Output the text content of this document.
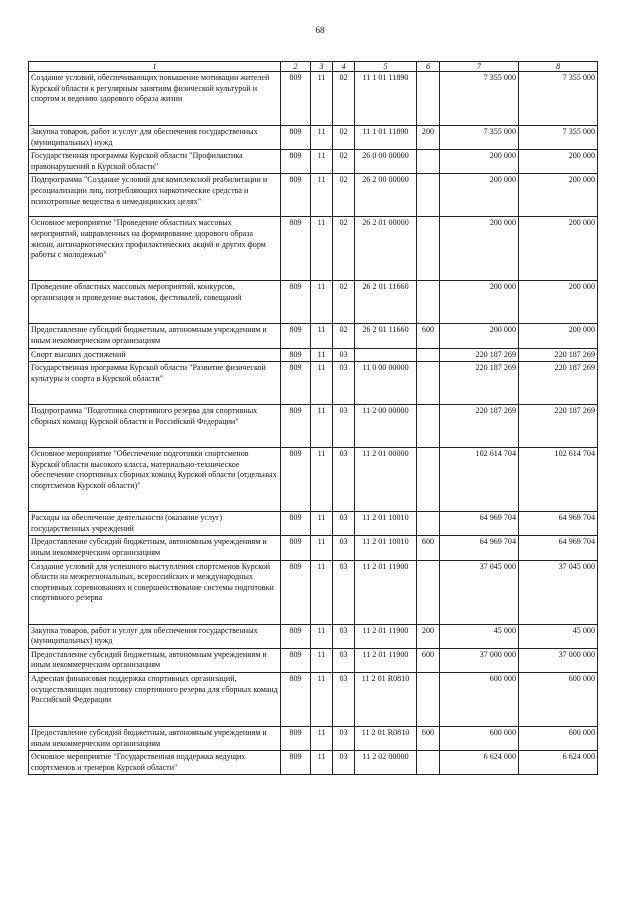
68
1	2	3	4	5	6	7	8
Создание условий, обеспечивающих повышение мотивации жителей Курской области к регулярным занятиям физической культурой и спортом и ведению здорового образа жизни	809	11	02	11 1 01 11890		7 355 000	7 355 000
Закупка товаров, работ и услуг для обеспечения государственных (муниципальных) нужд	809	11	02	11 1 01 11890	200	7 355 000	7 355 000
Государственная программа Курской области "Профилактика правонарушений в Курской области"	809	11	02	26 0 00 00000		200 000	200 000
Подпрограмма "Создание условий для комплексной реабилитации и ресоциализации лиц, потребляющих наркотические средства и психотропные вещества в немедицинских целях"	809	11	02	26 2 00 00000		200 000	200 000
Основное мероприятие "Проведение областных массовых мероприятий, направленных на формирование здорового образа жизни, антинаркотических профилактических акций и других форм работы с молодежью"	809	11	02	26 2 01 00000		200 000	200 000
Проведение областных массовых мероприятий, конкурсов, организация и проведение выставок, фестивалей, совещаний	809	11	02	26 2 01 11660		200 000	200 000
Предоставление субсидий бюджетным, автономным учреждениям и иным некоммерческим организациям	809	11	02	26 2 01 11660	600	200 000	200 000
Спорт высших достижений	809	11	03			220 187 269	220 187 269
Государственная программа Курской области "Развитие физической культуры и спорта в Курской области"	809	11	03	11 0 00 00000		220 187 269	220 187 269
Подпрограмма "Подготовка спортивного резерва для спортивных сборных команд Курской области и Российской Федерации"	809	11	03	11 2 00 00000		220 187 269	220 187 269
Основное мероприятие "Обеспечение подготовки спортсменов Курской области высокого класса, материально-техническое обеспечение спортивных сборных команд Курской области (отдельных спортсменов Курской области)"	809	11	03	11 2 01 00000		102 614 704	102 614 704
Расходы на обеспечение деятельности (оказание услуг) государственных учреждений	809	11	03	11 2 01 10010		64 969 704	64 969 704
Предоставление субсидий бюджетным, автономным учреждениям и иным некоммерческим организациям	809	11	03	11 2 01 10010	600	64 969 704	64 969 704
Создание условий для успешного выступления спортсменов Курской области на межрегиональных, всероссийских и международных спортивных соревнованиях и совершенствование системы подготовки спортивного резерва	809	11	03	11 2 01 11900		37 045 000	37 045 000
Закупка товаров, работ и услуг для обеспечения государственных (муниципальных) нужд	809	11	03	11 2 01 11900	200	45 000	45 000
Предоставление субсидий бюджетным, автономным учреждениям и иным некоммерческим организациям	809	11	03	11 2 01 11900	600	37 000 000	37 000 000
Адресная финансовая поддержка спортивных организаций, осуществляющих подготовку спортивного резерва для сборных команд Российской Федерации	809	11	03	11 2 01 R0810		600 000	600 000
Предоставление субсидий бюджетным, автономным учреждениям и иным некоммерческим организациям	809	11	03	11 2 01 R0810	600	600 000	600 000
Основное мероприятие "Государственная поддержка ведущих спортсменов и тренеров Курской области"	809	11	03	11 2 02 00000		6 624 000	6 624 000
